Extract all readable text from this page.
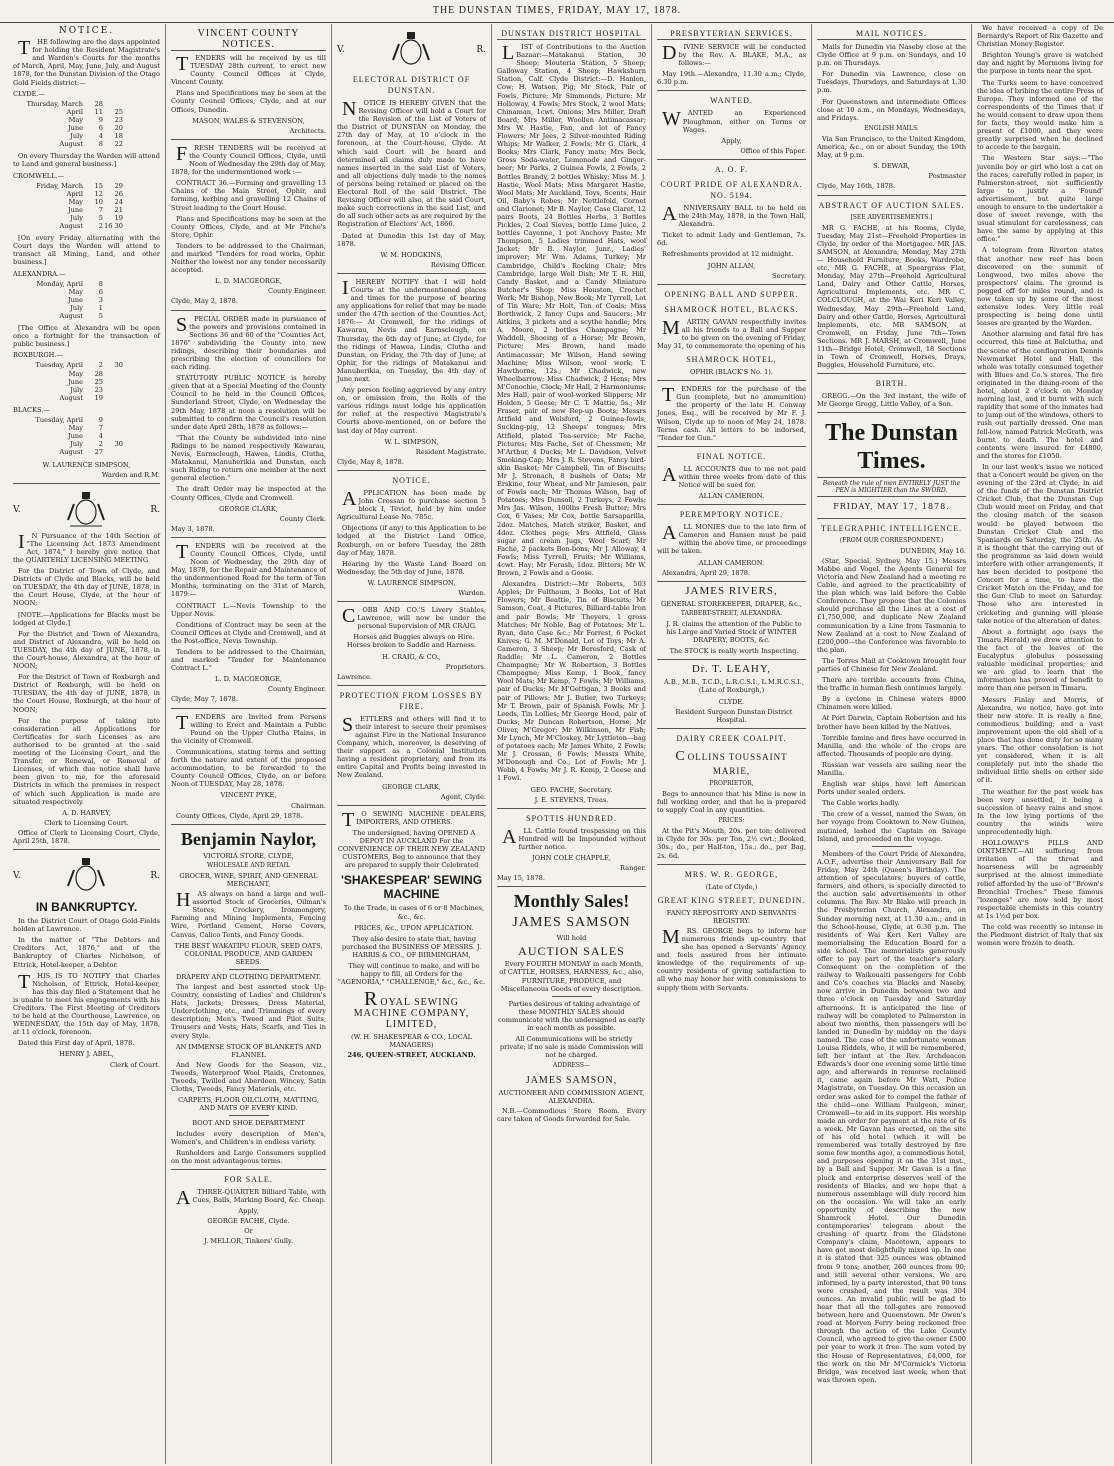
THE DUNSTAN TIMES, FRIDAY, MAY 17, 1878.
NOTICE.

T HE following are the days appointed for holding the Resident Magistrate's and Warden's Courts for the months of March, April, May, June, July, and August 1878, for the Dunstan Division of the Otago Gold Fields district:—

CLYDE.—
Thursday, March	28
April	11	25
May	9	23
June	6	20
July	4	18
August	8	22

On every Thursday the Warden will attend to Land and general business.]

CROMWELL.—
Friday, March	15	29
April	12	26
May	10	24
June	7	21
July	5	19
August	2 16 30

[On every Friday alternating with the Court days the Warden will attend to transact all Mining, Land, and other business.]

ALEXANDRA.—
Monday, April	8
May	6
June	3
July	1
August	5

[The Office at Alexandra will be open once a fortnight for the transaction of public business.]

ROXBURGH.—
Tuesday, April	2	30
May	28
June	25
July	23
August	19
BLACKS.—
Tuesday, April	9
May	7
June	4
July	2	30
August	27
W. LAURENCE SIMPSON,
Warden and R.M.
V.	R.

I N Pursuance of the 14th Section of "The Licensing Act 1873 Amendment Act, 1874," I hereby give notice that the QUARTERLY LICENSING MEETING

For the District of Town of Clyde, and Districts of Clyde and Blacks, will be held on TUESDAY, the 4th day of JUNE, 1878, in the Court House, Clyde, at the hour of NOON;

[NOTE.—Applications for Blacks must be lodged at Clyde.]

For the District and Town of Alexandra, and District of Alexandra, will be held on TUESDAY, the 4th day of JUNE, 1878, in the Court-house, Alexandra, at the hour of NOON;

For the District of Town of Roxburgh and District of Roxburgh, will be held on TUESDAY, the 4th day of JUNE, 1878, in the Court House, Roxburgh, at the hour of NOON;

For the purpose of taking into consideration all Applications for Certificates for such Licenses as are authorised to be granted at the said meeting of the Licensing Court, and the Transfer, or Renewal, or Removal of Licenses, of which due notice shall have been given to me, for the aforesaid Districts in which the premises in respect of which such Application is made are situated respectively.

A. D. HARVEY,
Clerk to Licensing Court.

Office of Clerk to Licensing Court, Clyde, April 25th, 1878.

V.	R.
IN BANKRUPTCY.

In the District Court of Otago Gold-Fields holden at Lawrence.

In the matter of "The Debtors and Creditors Act, 1876," and of the Bankruptcy of Charles Nicholson, of Ettrick, Hotel-keeper, a Debtor.

T HIS IS TO NOTIFY that Charles Nicholson, of Ettrick, Hotel-keeper, has this day filed a Statement that he is unable to meet his engagements with his Creditors. The First Meeting of Creditors to be held at the Courthouse, Lawrence, on WEDNESDAY, the 15th day of May, 1878, at 11 o'clock, forenoon.

Dated this First day of April, 1878.

HENRY J. ABEL,
Clerk of Court.
VINCENT COUNTY NOTICES.

T ENDERS will be received by us till TUESDAY 28th current, to erect new County Council Offices at Clyde, Vincent County.

Plans and Specifications may be seen at the County Council Offices, Clyde, and at our Offices, Dunedin.

MASON, WALES & STEVENSON,
Architects.

F RESH TENDERS will be received at the County Council Offices, Clyde, until Noon of Wednesday the 29th day of May, 1878, for the undermentioned work :—

CONTRACT 36.—Forming and gravelling 13 Chains of the Main Street, Ophir, and forming, kerbing and gravelling 12 Chains of Street leading to the Court House.

Plans and Specifications may be seen at the County Offices, Clyde, and at Mr Pitche's Store, Ophir.

Tenders to be addressed to the Chairman, and marked "Tenders for road works, Ophir. Neither the lowest nor any tender necessarily accepted.

L. D. MACGEORGE,
County Engineer.
Clyde, May 2, 1878.

S PECIAL ORDER made in pursuance of the powers and provisions contained in Sections 36 and 60 of the "Counties Act, 1876" subdividing the County into new ridings, describing their boundaries and prescribing the election of councillors for each riding.

STATUTORY PUBLIC NOTICE is hereby given that at a Special Meeting of the County Council to be held in the Council Offices, Sunderland Street, Clyde, on Wednesday the 29th May, 1878 at noon a resolution will be submitted to confirm the Council's resolution under date April 28th, 1878 as follows:—

"That the County be subdivided into nine Ridings to be named respectively Kawarau, Nevis, Earnscleugh, Hawea, Lindis, Clutha, Matakanui, Manuherikia and Dunstan, each such Riding to return one member at the next general election."

The draft Order may be inspected at the County Offices, Clyde and Cromwell.

GEORGE CLARK,
County Clerk.
May 3, 1878.

T ENDERS will be received at the County Council Offices, Clyde, until Noon of Wednesday, the 29th day of May, 1878, for the Repair and Maintenance of the undermentioned Road for the term of Ten Months, terminating on the 31st of March, 1879:—

CONTRACT L.—Nevis Township to the Upper Nevis.

Conditions of Contract may be seen at the Council Offices at Clyde and Cromwell, and at the Post-office, Nevis Township.

Tenders to be addressed to the Chairman, and marked "Tender for Maintenance Contract L."

L. D. MACGEORGE,
County Engineer.
Clyde, May 7, 1878.

T ENDERS are Invited from Persons willing to Erect and Maintain a Public Pound on the Upper Clutha Plains, in the vicinity of Cromwell.

Communications, stating terms and setting forth the nature and extent of the proposed accommodation, to be forwarded to the County Council Offices, Clyde, on or before Noon of TUESDAY, May 28, 1878.

VINCENT PYKE,
Chairman.

County Offices, Clyde, April 29, 1878.

Benjamin Naylor,
VICTORIA STORE, CLYDE,
WHOLESALE AND RETAIL
GROCER, WINE, SPIRIT, AND GENERAL MERCHANT,

H AS always on hand a large and well-assorted Stock of Groceries, Oilman's Stores, Crockery, Ironmongery, Farming and Mining Implements, Fencing Wire, Portland Cement, Horse Covers, Canvas, Calico Tents, and Fancy Goods.

THE BEST WAKATIPU FLOUR, SEED OATS, COLONIAL PRODUCE, AND GARDEN SEEDS.
DRAPERY AND CLOTHING DEPARTMENT.

The largest and best assorted stock Up-Country, consisting of Ladies' and Children's Hats, Jackets, Dresses, Dress Material, Underclothing, etc., and Trimmings of every description; Men's Tweed and Pilot Suits, Trousers and Vests, Hats, Scarfs, and Ties in every Style.

AN IMMENSE STOCK OF BLANKETS AND FLANNEL

And New Goods for the Season, viz., Tweeds, Waterproof Wool Plaids, Cretonnes, Tweeds, Twilled and Aberdeen Wincey, Satin Cloths, Tweeds, Fancy Materials, etc.

CARPETS, FLOOR OILCLOTH, MATTING, AND MATS OF EVERY KIND.
BOOT AND SHOE DEPARTMENT

Includes every description of Men's, Women's, and Children's in endless variety.

Runholders and Large Consumers supplied on the most advantageous terms.

FOR SALE.

A THREE-QUARTER Billiard Table, with Cues, Balls, Marking Board, &c. Cheap.

Apply,
GEORGE FACHE, Clyde.
Or
J. MELLOR, Tinkers' Gully.
V.	R.
ELECTORAL DISTRICT OF DUNSTAN.

N OTICE IS HEREBY GIVEN that the Revising Officer will hold a Court for the Revision of the List of Voters of the District of DUNSTAN on Monday, the 27th day of May, at 10 o'clock in the forenoon, at the Court-house, Clyde. At which said Court will be heard and determined all claims duly made to have names inserted in the said List of Voters, and all objections duly made to the names of persons being retained or placed on the Electoral Roll of the said District. The Revising Officer will also, at the said Court, make such corrections in the said List, and do all such other acts as are required by the Registration of Electors' Act, 1866.

Dated at Dunedin this 1st day of May, 1878.

W. M. HODGKINS,
Revising Officer.

I HEREBY NOTIFY that I will hold Courts at the undermentioned places and times for the purpose of hearing any applications for relief that may be made under the 47th section of the Counties Act, 1876:— At Cromwell, for the ridings of Kawarau, Nevis and Earnscleugh, on Thursday, the 6th day of June; at Clyde, for the ridings of Hawea, Lindis, Clutha and Dunstan, on Friday, the 7th day of June; at Ophir, for the ridings of Matakanui and Manuherikia, on Tuesday, the 4th day of June next.

Any person feeling aggrieved by any entry on, or omission from, the Rolls of the various ridings must lodge his application for relief at the respective Magistrate's Courts above-mentioned, on or before the last day of May current.

W. L. SIMPSON,
Resident Magistrate.
Clyde, May 8, 1878.
NOTICE.

A PPLICATION has been made by John Crossan to purchase section 5 block I, Teviot, held by him under Agricultural Lease No. 785c.

Objections (if any) to this Application to be lodged at the District Land Office, Roxburgh, on or before Tuesday, the 28th day of May, 1878.

Hearing by the Waste Land Board on Wednesday, the 5th day of June, 1878.

W. LAURENCE SIMPSON,
Warden.

C OBB AND CO.'S Livery Stables, Lawrence, will now be under the personal Supervision of MR CRAIG.

Horses and Buggies always on Hire. Horses broken to Saddle and Harness.

H. CRAIG, & CO.,
Proprietors.
Lawrence.
PROTECTION FROM LOSSES BY FIRE.

S ETTLERS and others will find it to their interest to secure their premises against Fire in the National Insurance Company, which, moreover, is deserving of their support as a Colonial Institution having a resident proprietary, and from its entire Capital and Profits being invested in New Zealand.

GEORGE CLARK,
Agent, Clyde.

T O SEWING MACHINE DEALERS, IMPORTERS, AND OTHERS.

The undersigned, having OPENED A DEPOT IN AUCKLAND For the CONVENIENCE OF THEIR NEW ZEALAND CUSTOMERS, Beg to announce that they are prepared to supply their Celebrated

'SHAKESPEAR' SEWING MACHINE

To the Trade, in cases of 6 or 8 Machines, &c., &c.

PRICES, &c., UPON APPLICATION.

They also desire to state that, having purchased the BUSINESS OF MESSRS. J. HARRIS & CO., OF BIRMINGHAM,

They will continue to make, and will be happy to fill, all Orders for the "AGENORIA," "CHALLENGE," &c., &c., &c.

ROYAL SEWING MACHINE COMPANY, LIMITED,
(W. H. SHAKESPEAR & CO., LOCAL MANAGERS)
246, QUEEN-STREET, AUCKLAND.
DUNSTAN DISTRICT HOSPITAL

L IST of Contributions to the Auction Bazaar:—Matakanui Station, 30 Sheep; Mouteria Station, 5 Sheep; Galloway Station, 4 Sheep; Hawksburn Station, Calf. Clyde District:—D. Hanlon, Cow; H. Watson, Pig; Mr Stock, Pair of Fowls, Picture; Mr Simmonds, Picture; Mr Holloway, 4 Fowls; Mrs Stock, 2 wool Mats; Chinaman, 1cwt. Onions; Mrs Miller, Draft Board; Mrs Miller, Woollen Antimacassar; Mrs W. Hastie, Fan, and lot of Fancy Flowers; Mr Jees, 2 Silver-mounted Riding Whips; Mr Walker, 2 Fowls; Mr G. Clark, 4 Books; Mrs Clark, Fancy mats; Mrs Beck, Gross Soda-water, Lemonade and Ginger-beer; Mr Parks, 2 Guinea Fowls, 2 Fowls, 2 Bottles Brandy, 2 bottles Whisky; Miss M. J. Hastie, Wool Mats; Miss Margaret Hastie, Wool Mats; Mr Auckland, Toys, Scents, Hair Oil, Baby's Robes; Mr Nettlefold, Cornet and Clarionet; Mr B. Naylor, Case Claret, 12 pairs Boots, 24 Bottles Herbs, 3 Bottles Pickles, 2 Coal Sieves, bottle Lime Juice, 2 bottles Cayenne, 1 pot Anchovy Paste; Mr Thompson, 5 Ladies trimmed Hats, wool Jacket; Mr B. Naylor, Junr., Ladies' improver; Mr Wm. Adams, Turkey; Mr Cambridge, Child's Rocking Chair; Mrs Cambridge, large Well Dish; Mr T. R. Hill, Candy Basket, and a Candy Miniature Butcher's Shop; Miss Houston, Crochet Work; Mr Bishop, New Book; Mr Tyrrell, Lot of Tin Ware; Mr Holt, Ton of Coals; Miss Borthwick, 2 fancy Cups and Saucers; Mr Aitkins, 3 pickets and a scythe handle; Mrs A. Moore, 2 bottles Champagne; Mr Waddell, Shoeing of a Horse; Mr Brown, Picture; Mrs Brown, hand made Antimacassar; Mr Wilson, Hand sewing Machine; Miss Wilson, wool work; T. Hawthorne, 12s.; Mr Chadwick, new Wheelbarrow; Miss Chadwick, 2 Hens; Mrs M'Conochie, Clock; Mr Hall, 2 Harmoniums; Mrs Hall, pair of wool-worked Slippers; Mr Holden, 5 Geese; Mr C. T. Mattie, 5s.; Mr Fraser, pair of new Rep-up Boots; Messrs Attfield and Welsford, 2 Guinea-fowls, Sucking-pig, 12 Sheeps' tongues; Mrs Attfield, plated Tea-service; Mr Fache, Pictures; Mrs Fache, Set of Chessmen; Mr M'Arthur, 4 Ducks; Mr L. Davidson, Velvet Smoking-Cap; Mrs J. R. Stevens, Fancy bird-skin Basket; Mr Campbell, Tin of Biscuits; Mr J. Stronach, 8 bushels of Oats; Mr Erskine, four Wheat, and Mr Jamieson, pair of Fowls each; Mr Thomas Wilson, bag of Potatoes; Mrs Dunsoll, 2 Turkeys, 2 Fowls; Mrs Jas. Wilson, 100lbs Fresh Butter; Mrs Cox, 6 Vases; Mr Cox, bottle Sarsaparilla, 2doz. Matches, Match striker, Basket, and 4doz. Clothes pegs; Mrs Attfield, Glass sugar and cream Jugs, Wool Scarf; Mr Fache, 2 packets Bon-bons; Mr J. Alloway, 4 Fowls; Miss Tyrrell, Fruits; Mr Williams, 4cwt. Hay; Mr Ferash, 1doz. Bitters; Mr W. Brown, 2 Fowls and a Goose.

Alexandra District:—Mr Roberts, 503 Apples; Dr Fulthaum, 3 Books, Lot of Hat Flowers; Mr Beattie, Tin of Biscuits; Mr Samson, Coat, 4 Pictures, Billiard-table Iron and pair Bowls; Mr Theyers, 1 gross Matches; Mr Noble, Bag of Potatoes; Mr L. Ryan, date Case &c.; Mr Forrest, 6 Pocket Knives; G. M. M'Donald, Lot of Toys; Mr A. Cameron, 3 Sheep; Mr Beresford, Cask of Raddle; Mr L. Cameron, 2 Bottles Champagne; Mr W. Robertson, 3 Bottles Champagne; Miss Kemp, 1 Book, fancy Wool Mats; Mr Kemp, 7 Fowls; Mr Williams, pair of Ducks; Mr M'Gettigan, 3 Books and pair of Pillows; Mr J. Butler, two Turkeys; Mr T. Brown, pair of Spanish Fowls; Mr J. Leeds, Tin Lollies; Mr George Hood, pair of Ducks; Mr Duncan Robertson, Horse; Mr Oliver, M'Gregor; Mr Wilkinson, Mr Fish; Mr Lynch, Mr M'Closkey, Mr Lyttleton—bag of potatoes each; Mr James White, 2 Fowls; Mr J. Crossan, 6 Fowls; Messrs White, M'Donough and Co., Lot of Fowls; Mr J. Webb, 4 Fowls; Mr J. R. Kemp, 2 Geese and 1 Fowl.

GEO. FACHE, Secretary.
J. E. STEVENS, Treas.
SPOTTIS HUNDRED.

A LL Cattle found trespassing on this Hundred will be Impounded without further notice.

JOHN COLE CHAPPLE,
Ranger.
May 15, 1878.
Monthly Sales!
JAMES SAMSON
Will hold
AUCTION SALES

Every FOURTH MONDAY in each Month, of CATTLE, HORSES, HARNESS, &c., also, FURNITURE, PRODUCE, and Miscellaneous Goods of every description.

Parties desirous of taking advantage of these MONTHLY SALES should communicate with the undersigned as early in each month as possible.

All Communications will be strictly private; if no sale is made Commission will not be charged.

ADDRESS—
JAMES SAMSON,
AUCTIONEER AND COMMISSION AGENT, ALEXANDRA.

N.B.—Commodious Store Room. Every care taken of Goods forwarded for Sale.

PRESBYTERIAN SERVICES.

D IVINE SERVICE will be conducted by the Rev. A. BLAKE, M.A., as follows:—

May 19th.—Alexandra, 11.30 a.m.; Clyde, 6.30 p.m.

WANTED.

W ANTED an Experienced Ploughman, either on Terms or Wages.

Apply,
Office of this Paper.
A. O. F.
COURT PRIDE OF ALEXANDRA. NO. 5194.

A NNIVERSARY BALL to be held on the 24th May, 1878, in the Town Hall, Alexandra.

Ticket to admit Lady and Gentleman, 7s. 6d.

Refreshments provided at 12 midnight.

JOHN ALLAN,
Secretary.
OPENING BALL AND SUPPER.
SHAMROCK HOTEL, BLACKS.

M ARTIN GAVAN respectfully invites all his friends to a Ball and Supper to be given on the evening of Friday, May 31, to commemorate the opening of his

SHAMROCK HOTEL,
OPHIR (BLACK'S No. 1).

T ENDERS for the purchase of the Gun (complete, but no ammunition) the property of the late H. Conway Jones, Esq., will be received by Mr F. J. Wilson, Clyde up to noon of May 24, 1878. Terms cash. All letters to be indorsed, "Tender for Gun."

FINAL NOTICE.

A LL ACCOUNTS due to me not paid within three weeks from date of this Notice will be sued for.

ALLAN CAMERON.
PEREMPTORY NOTICE.

A LL MONIES due to the late firm of Cameron and Hansen must be paid within the above time, or proceedings will be taken.

ALLAN CAMERON.

Alexandra, April 29, 1878.

JAMES RIVERS,
GENERAL STOREKEEPER, DRAPER, &c.,
TARBERT-STREET, ALEXANDRA.

J. R. claims the attention of the Public to his Large and Varied Stock of WINTER DRAPERY, BOOTS, &c.

The STOCK is really worth Inspecting.

Dr. T. LEAHY,

A.B., M.B., T.C.D., L.R.C.S.I., L.M.R.C.S.I., (Late of Roxburgh,)

CLYDE.

Resident Surgeon Dunstan District Hospital.

DAIRY CREEK COALPIT.
COLLINS TOUSSAINT MARIE,
PROPRIETOR,

Begs to announce that his Mine is now in full working order, and that he is prepared to supply Coal in any quantities.

PRICES:

At the Pit's Mouth, 20s. per ton; delivered in Clyde for 30s. per Ton, 2½ cwt.; Booked, 30s.; do., per Half-ton, 15s.; do., per Bag, 2s. 6d.

MRS. W. R. GEORGE,
(Late of Clyde,)
GREAT KING STREET, DUNEDIN.
FANCY REPOSITORY AND SERVANTS REGISTRY.

M RS. GEORGE begs to inform her numerous friends up-country that she has opened a Servants' Agency and feels assured from her intimate knowledge of the requirements of up-country residents of giving satisfaction to all who may honor her with commissions to supply them with Servants.

MAIL NOTICES.

Mails for Dunedin via Naseby close at the Clyde Office at 9 p.m. on Sundays, and 10 p.m. on Thursdays.

For Dunedin via Lawrence, close on Tuesdays, Thursdays, and Saturdays at 1.30 p.m.

For Queenstown and intermediate Offices close at 10 a.m., on Mondays, Wednesdays, and Fridays.

ENGLISH MAILS.

Via San Francisco, to the United Kingdom, America, &c., on or about Sunday, the 19th May, at 9 p.m.

S. DEWAR,
Postmaster
Clyde, May 16th, 1878.
ABSTRACT OF AUCTION SALES.
[SEE ADVERTISEMENTS.]

MR G. FACHE, at his Rooms, Clyde, Tuesday, May 21st—Freehold Properties in Clyde, by order of the Mortgagee. MR JAS. SAMSON, at Alexandra, Monday, May 27th — Household Furniture, Books, Wardrobe, etc. MR G. FACHE, at Speargrass Flat, Monday, May 27th—Freehold Agricultural Land, Dairy and Other Cattle, Horses, Agricultural Implements, etc. MR C. COLCLOUGH, at the Wai Keri Keri Valley, Wednesday, May 29th—Freehold Land, Dairy and other Cattle, Horses, Agricultural Implements, etc. MR SAMSON, at Cromwell, on Friday, June 7th—Town Sections. MR J. MARSH, at Cromwell, June 11th—Bridge Hotel, Cromwell, 18 Sections in Town of Cromwell, Horses, Drays, Buggies, Household Furniture, etc.

BIRTH.

GREGG.—On the 3rd instant, the wife of Mr George Gregg, Little Valley, of a Son.

The Dunstan Times.
Beneath the rule of men ENTIRELY JUST the PEN is MIGHTIER than the SWORD.
FRIDAY, MAY 17, 1878.
TELEGRAPHIC INTELLIGENCE.
(FROM OUR CORRESPONDENT.)
DUNEDIN, May 16.

(Star, Special, Sydney, May 15.) Messrs Mabbe and Vogel, the Agents General for Victoria and New Zealand had a meeting re Cable, and agreed to the practicability of the plan which was laid before the Cable Conference. They propose that the Colonies should purchase all the Lines at a cost of £1,750,000, and duplicate New Zealand communication by a Line from Tasmania to New Zealand at a cost to New Zealand of £200,000—the Conference was favorable to the plan.

The Torres Mail at Cooktown brought four parties of Chinese for New Zealand.

There are terrible accounts from China, the traffic in human flesh continues largely.

By a cyclone in Chinese waters 8000 Chinamen were killed.

At Port Darwin, Captain Robertson and his brother have been killed by the Natives.

Terrible famine and fires have occurred in Manilla, and the whole of the crops are affected. Thousands of people are dying.

Russian war vessels are sailing near the Manilla.

English war ships have left American Ports under sealed orders.

The Cable works badly.

The crew of a vessel, named the Swan, on her voyage from Cooktown to New Guinea, mutinied, lashed the Captain on Savage Island, and proceeded on the voyage.

Members of the Court Pride of Alexandra, A.O.F., advertise their Anniversary Ball for Friday, May 24th (Queen's Birthday). The attention of speculators, buyers of cattle, farmers, and others, is specially directed to the auction sale advertisements in other columns. The Rev. Mr Blake will preach in the Presbyterian Church, Alexandra, on Sunday morning next, at 11.30 a.m.; and in the School-house, Clyde, at 6.30 p.m. The residents of Wai Keri Keri Valley are memorialising the Education Board for a side school. The memorialists generously offer to pay part of the teacher's salary. Consequent on the completion of the railway to Waikouaiti passengers for Cobb and Co's coaches via Blacks and Naseby, now arrive in Dunedin between two and three o'clock on Tuesday and Saturday afternoons. It is anticipated the line of railway will be completed to Palmerston in about two months, then passengers will be landed in Dunedin by midday on the days named. The case of the unfortunate woman Louisa Riddels, who, it will be remembered, left her infant at the Rev. Archdeacon Edwards's door one evening some little time ago, and afterwards in remorse reclaimed it, came again before Mr Watt, Police Magistrate, on Tuesday. On this occasion an order was asked for to compel the father of the child—one William Paulgeon, miner, Cromwell—to aid in its support. His worship made an order for payment at the rate of 6s a week. Mr Gavan has erected, on the site of his old hotel (which it will be remembered was totally destroyed by fire some few months ago), a commodious hotel, and purposes opening it on the 31st inst., by a Ball and Supper. Mr Gavan is a fine pluck and enterprise deserves well of the residents of Blacks, and we hope that a numerous assemblage will duly record him on the occasion. We will take an early opportunity of describing the new Shamrock Hotel. Our Dunedin contemporaries' telegram about the crushing of quartz from the Gladstone Company's claim, Macetown, appears to have got most delightfully mixed up. In one it is stated that 325 ounces was obtained from 9 tons; another, 260 ounces from 90; and still several other versions. We are informed, by a party interested, that 90 tons were crushed, and the result was 304 ounces. An invalid public will be glad to hear that all the toll-gates are removed between here and Queenstown. Mr Owen's road at Morven Ferry being reckoned free through the action of the Lake County Council, who agreed to give the owner £500 per year to work it free. The sum voted by the House of Representatives, £4,000, for the work on the Mr M'Cormick's Victoria Bridge, was received last week, when that was thrown open.

We have received a copy of De Bernardy's Report of Rix Gazette and Christian Money Register.

Brighton Young's grave is watched day and night by Mormons living for the purpose in tents near the spot.

The Turks seem to have conceived the idea of bribing the entire Press of Europe. They informed one of the correspondents of the Times that if he would consent to draw upon them for facts, they would make him a present of £1000, and they were greatly surprised when he declined to accede to the bargain.

The Western Star says:—"The juvenile boy or girl who lost a cat on the races, carefully rolled in paper, in Palmerston-street, not sufficiently large to justify a 'Found' advertisement, but quite large enough to ensure to the undertaker a dose of sweet revenge, with the usual stimulant for carelessness, can have the same by applying at this office."

A telegram from Riverton states that another new reef has been discovered on the summit of Longwood, two miles above the prospectors' claim. The ground is pegged off for miles round, and is now taken up by some of the most extensive lodes. Very little real prospecting is being done until leases are granted by the Warden.

Another alarming and fatal fire has occurred, this time at Balclutha, and the scene of the conflagration Dennis Newmarket Hotel and Hall, the whole was totally consumed together with Blues and Co.'s stores. The fire originated in the dining-room of the hotel, about 2 o'clock on Monday morning last, and it burnt with such rapidity that some of the inmates had to jump out of the windows, others to rush out partially dressed. One man fell-low, named Patrick McGrath, was burnt to death. The hotel and contents were insured for £4800, and the stores for £1050.

In our last week's issue we noticed that a Concert would be given on the evening of the 23rd at Clyde, in aid of the funds of the Dunstan District Cricket Club, that the Dunstan Cup Club would meet on Friday, and that the closing match of the season would be played between the Dunstan Cricket Club and the Spaniards on Saturday, the 25th. As it is thought that the carrying out of the programme as laid down would interfere with other arrangements, it has been decided to postpone the Concert for a time, to have the Cricket Match on the Friday, and for the Gun Club to meet on Saturday. Those who are interested in cricketing and gunning will please take notice of the alteration of dates.

About a fortnight ago (says the Timaru Herald) we drew attention to the fact of the leaves of the Eucalyptus globulus possessing valuable medicinal properties; and we are glad to learn that the information has proved of benefit to more than one person in Timaru.

Messrs Finlay and Morris, of Alexandra, we notice, have got into their new store. It is really a fine, commodious building; and a vast improvement upon the old shell of a place that has done duty for so many years. The other consolation is not yet considered, when it is all completely put into the shade the individual little shells on either side of it.

The weather for the past week has been very unsettled, it being a succession of heavy rains and snow. In the low lying portions of the country the winds were unprecedentedly high.

HOLLOWAY'S PILLS AND OINTMENT.—All suffering from irritation of the throat and hoarseness will be agreeably surprised at the almost immediate relief afforded by the use of "Brown's Bronchial Troches." These famous "lozenges" are now sold by most respectable chemists in this country at 1s 1½d per box.

The cold was recently so intense in the Piedmont district of Italy that six women were frozen to death.
